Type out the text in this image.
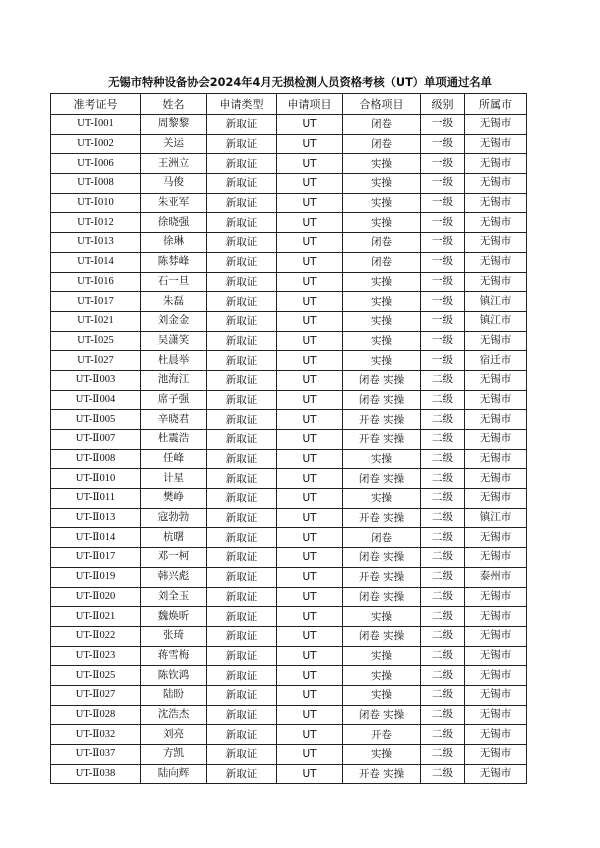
无锡市特种设备协会2024年4月无损检测人员资格考核（UT）单项通过名单
准考证号	姓名	申请类型	申请项目	合格项目	级别	所属市
UT-Ⅰ001	周黎黎	新取证	UT	闭卷	一级	无锡市
UT-Ⅰ002	关运	新取证	UT	闭卷	一级	无锡市
UT-Ⅰ006	王洲立	新取证	UT	实操	一级	无锡市
UT-Ⅰ008	马俊	新取证	UT	实操	一级	无锡市
UT-Ⅰ010	朱亚军	新取证	UT	实操	一级	无锡市
UT-Ⅰ012	徐晓强	新取证	UT	实操	一级	无锡市
UT-Ⅰ013	徐琳	新取证	UT	闭卷	一级	无锡市
UT-Ⅰ014	陈棼峰	新取证	UT	闭卷	一级	无锡市
UT-Ⅰ016	石一旦	新取证	UT	实操	一级	无锡市
UT-Ⅰ017	朱磊	新取证	UT	实操	一级	镇江市
UT-Ⅰ021	刘金金	新取证	UT	实操	一级	镇江市
UT-Ⅰ025	吴潇笑	新取证	UT	实操	一级	无锡市
UT-Ⅰ027	杜晨举	新取证	UT	实操	一级	宿迁市
UT-Ⅱ003	池海江	新取证	UT	闭卷 实操	二级	无锡市
UT-Ⅱ004	席子强	新取证	UT	闭卷 实操	二级	无锡市
UT-Ⅱ005	辛晓君	新取证	UT	开卷 实操	二级	无锡市
UT-Ⅱ007	杜震浩	新取证	UT	开卷 实操	二级	无锡市
UT-Ⅱ008	任峰	新取证	UT	实操	二级	无锡市
UT-Ⅱ010	计星	新取证	UT	闭卷 实操	二级	无锡市
UT-Ⅱ011	樊峥	新取证	UT	实操	二级	无锡市
UT-Ⅱ013	寇勃勃	新取证	UT	开卷 实操	二级	镇江市
UT-Ⅱ014	杭曙	新取证	UT	闭卷	二级	无锡市
UT-Ⅱ017	邓一柯	新取证	UT	闭卷 实操	二级	无锡市
UT-Ⅱ019	韩兴彪	新取证	UT	开卷 实操	二级	泰州市
UT-Ⅱ020	刘全玉	新取证	UT	闭卷 实操	二级	无锡市
UT-Ⅱ021	魏焕昕	新取证	UT	实操	二级	无锡市
UT-Ⅱ022	张琦	新取证	UT	闭卷 实操	二级	无锡市
UT-Ⅱ023	蒋雪梅	新取证	UT	实操	二级	无锡市
UT-Ⅱ025	陈钦鸿	新取证	UT	实操	二级	无锡市
UT-Ⅱ027	陆盼	新取证	UT	实操	二级	无锡市
UT-Ⅱ028	沈浩杰	新取证	UT	闭卷 实操	二级	无锡市
UT-Ⅱ032	刘亮	新取证	UT	开卷	二级	无锡市
UT-Ⅱ037	方凯	新取证	UT	实操	二级	无锡市
UT-Ⅱ038	陆向辉	新取证	UT	开卷 实操	二级	无锡市
